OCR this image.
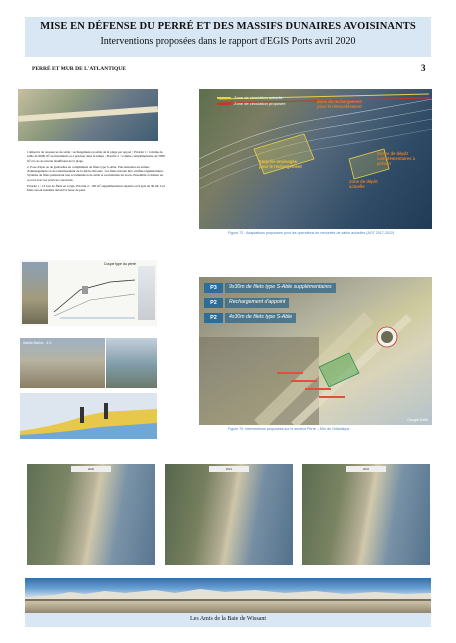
MISE EN DÉFENSE DU PERRÉ ET DES MASSIFS DUNAIRES AVOISINANTS
Interventions proposées dans le rapport d'EGIS Ports avril 2020
PERRÉ ET MUR DE L'ATLANTIQUE	3

1.Réserve de ressources de sable : rechargement en sable de la plage par apport ; Priorité 1 : volume de sable de 9000 m³ au maximum ou à préciser dans le temps ; Priorité 2 : volume complémentaire de 5000 m³ en cas de niveau insuffisant de la plage.

2. Pose d'épis ou de ganivelles en complément de filets type S-Able. Préconisation en termes d'aménagement ou de ralentissement de la dérive littorale ; les filets doivent être vérifiés régulièrement. Système de filets permettant une accumulation de sable et un maintien du stock. Ensemble à réaliser en accord avec les services concernés.

Priorité 1 : 12 lots de filets en 4 épis. Priorité 2 : 100 m² supplémentaires répartis en 9 épis de 30 ml. Les filets seront installés devant la barre de pied.

Zone de circulation actuelle
Zone de circulation proposée	Zone de rechargement pour le réensablement
Emprise envisagée pour le rechargement
Zones de dépôt complémentaires à prévoir
Zone de dépôt actuelle
Figure 72 : Adaptations proposées pour les opérations de remontée de sable actuelles (AOT 2017-2022)
Coupe type du perré
Sainte-Barbe - 4.5
P3	9x30m de filets type S-Able supplémentaires
P2	Rechargement d'appoint
P2	4x30m de filets type S-Able
Google Earth
Figure 70: Interventions proposées sur le secteur Perré – Mur de l'Atlantique
2020	2021	2022
Les Amis de la Baie de Wissant
